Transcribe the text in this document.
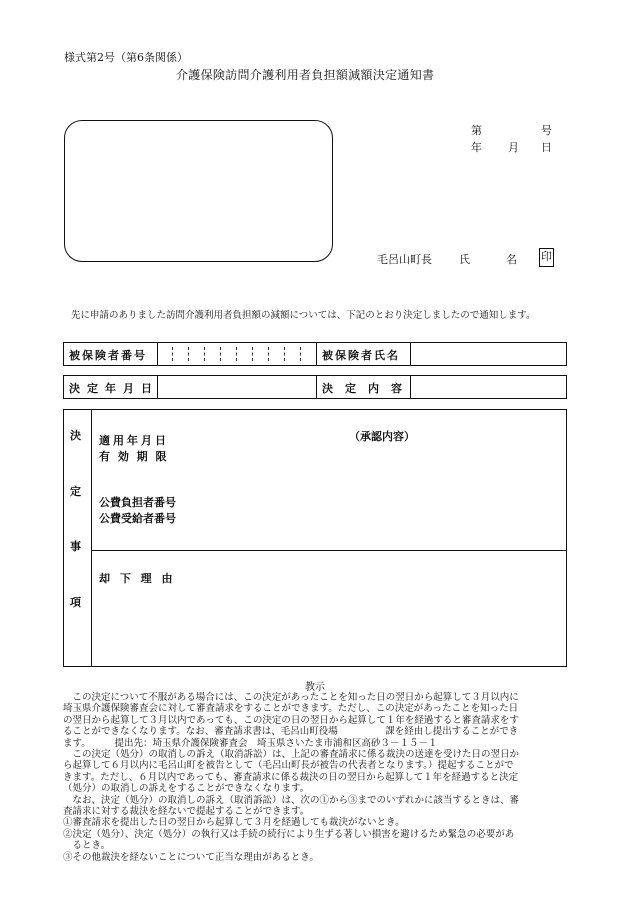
様式第2号（第6条関係）
介護保険訪問介護利用者負担額減額決定通知書
第	号
年 月 日
毛呂山町長 氏	名 印
先に申請のありました訪問介護利用者負担額の減額については、下記のとおり決定しましたので通知します。
被保険者番号	被保険者氏名
決定年月日	決定内容
決
定
事
項
（承認内容）
適用年月日
有 効 期 限
公費負担者番号
公費受給者番号
却 下 理 由
教示

　この決定について不服がある場合には、この決定があったことを知った日の翌日から起算して３月以内に

埼玉県介護保険審査会に対して審査請求をすることができます。ただし、この決定があったことを知った日

の翌日から起算して３月以内であっても、この決定の日の翌日から起算して１年を経過すると審査請求をす

ることができなくなります。なお、審査請求書は、毛呂山町役場　　　　　課を経由し提出することができ

ます。　　　提出先：埼玉県介護保険審査会　埼玉県さいたま市浦和区高砂３－１５－１

　この決定（処分）の取消しの訴え（取消訴訟）は、上記の審査請求に係る裁決の送達を受けた日の翌日か

ら起算して６月以内に毛呂山町を被告として（毛呂山町長が被告の代表者となります。）提起することがで

きます。ただし、６月以内であっても、審査請求に係る裁決の日の翌日から起算して１年を経過すると決定

（処分）の取消しの訴えをすることができなくなります。

　なお、決定（処分）の取消しの訴え（取消訴訟）は、次の①から③までのいずれかに該当するときは、審

査請求に対する裁決を経ないで提起することができます。

①審査請求を提出した日の翌日から起算して３月を経過しても裁決がないとき。

②決定（処分）、決定（処分）の執行又は手続の続行により生ずる著しい損害を避けるため緊急の必要があ

　るとき。

③その他裁決を経ないことについて正当な理由があるとき。
